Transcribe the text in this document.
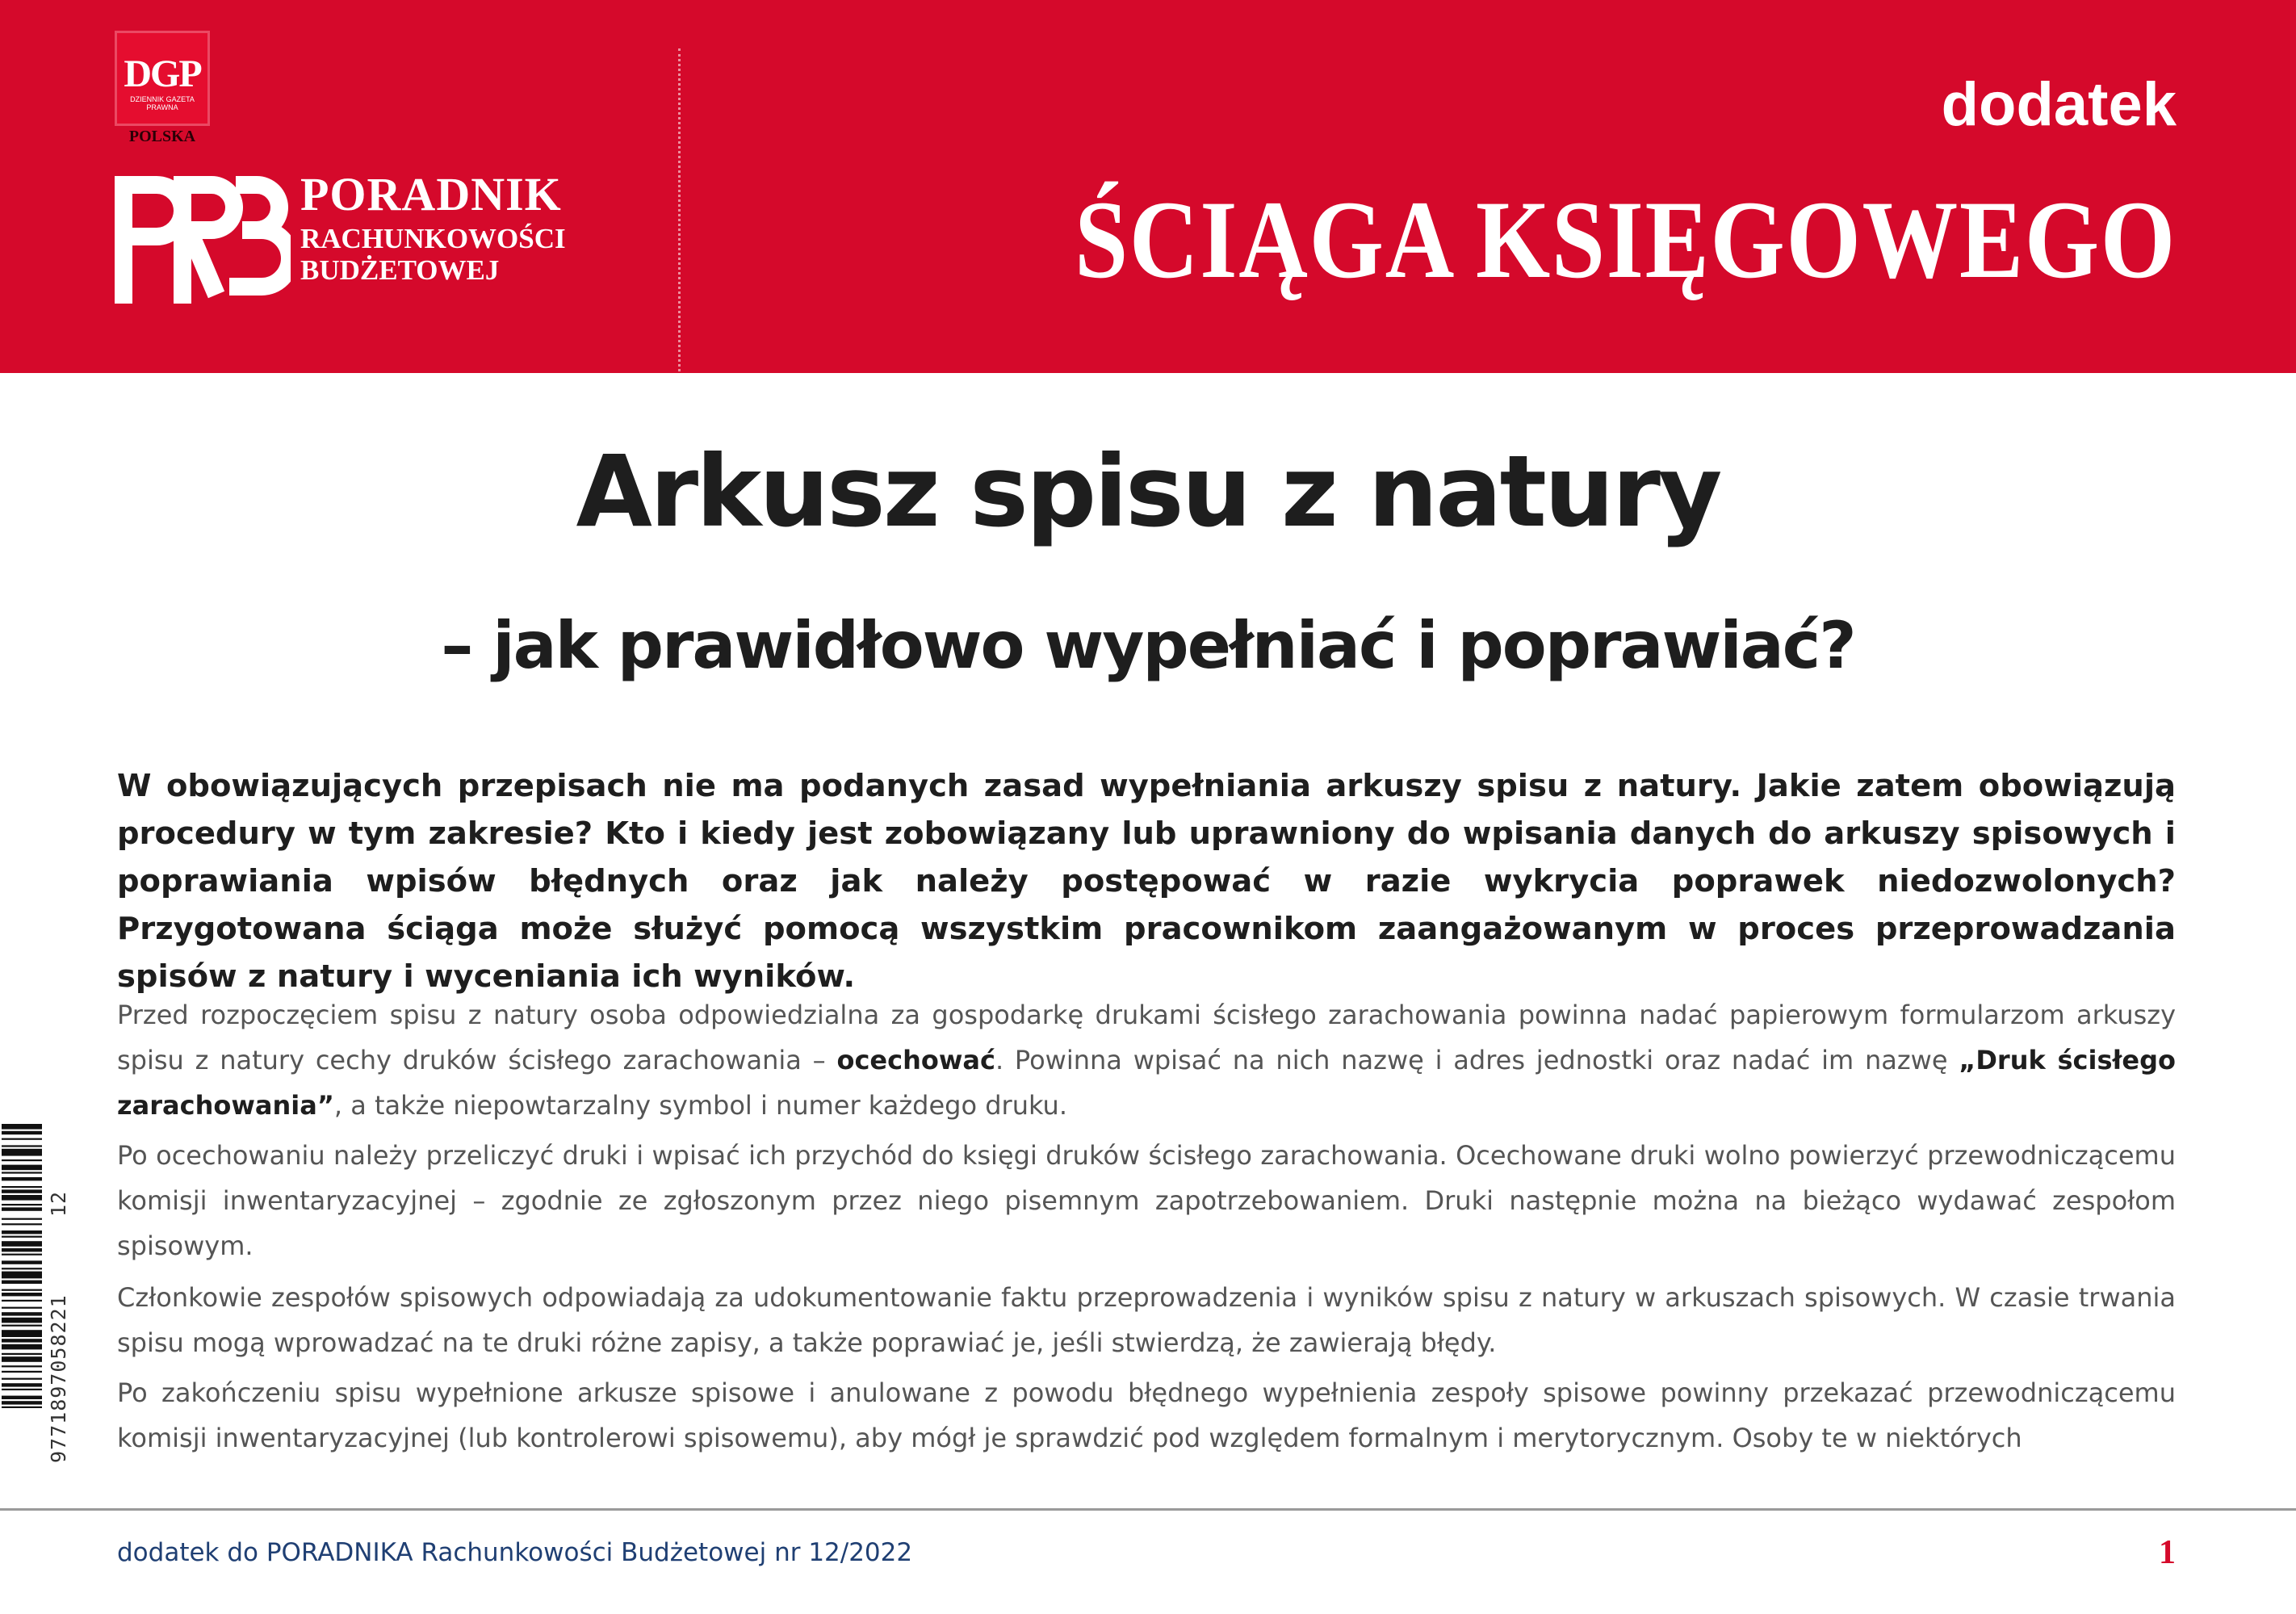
DGP
DZIENNIK GAZETA PRAWNA
POLSKA
PORADNIK
RACHUNKOWOŚCI
BUDŻETOWEJ
dodatek
ŚCIĄGA KSIĘGOWEGO
Arkusz spisu z natury
– jak prawidłowo wypełniać i poprawiać?
W obowiązujących przepisach nie ma podanych zasad wypełniania arkuszy spisu z natury. Jakie zatem obowiązują procedury w tym zakresie? Kto i kiedy jest zobowiązany lub uprawniony do wpisania danych do arkuszy spisowych i poprawiania wpisów błędnych oraz jak należy postępować w razie wykrycia poprawek niedozwolonych? Przygotowana ściąga może służyć pomocą wszystkim pracownikom zaangażowanym w proces przeprowadzania spisów z natury i wyceniania ich wyników.
Przed rozpoczęciem spisu z natury osoba odpowiedzialna za gospodarkę drukami ścisłego zarachowania powinna nadać papierowym formularzom arkuszy spisu z natury cechy druków ścisłego zarachowania – ocechować. Powinna wpisać na nich nazwę i adres jednostki oraz nadać im nazwę „Druk ścisłego zarachowania”, a także niepowtarzalny symbol i numer każdego druku.
Po ocechowaniu należy przeliczyć druki i wpisać ich przychód do księgi druków ścisłego zarachowania. Ocechowane druki wolno powierzyć przewodniczącemu komisji inwentaryzacyjnej – zgodnie ze zgłoszonym przez niego pisemnym zapotrzebowaniem. Druki następnie można na bieżąco wydawać zespołom spisowym.
Członkowie zespołów spisowych odpowiadają za udokumentowanie faktu przeprowadzenia i wyników spisu z natury w arkuszach spisowych. W czasie trwania spisu mogą wprowadzać na te druki różne zapisy, a także poprawiać je, jeśli stwierdzą, że zawierają błędy.
Po zakończeniu spisu wypełnione arkusze spisowe i anulowane z powodu błędnego wypełnienia zespoły spisowe powinny przekazać przewodniczącemu komisji inwentaryzacyjnej (lub kontrolerowi spisowemu), aby mógł je sprawdzić pod względem formalnym i merytorycznym. Osoby te w niektórych
9771897058221      12
dodatek do PORADNIKA Rachunkowości Budżetowej nr 12/2022	1
